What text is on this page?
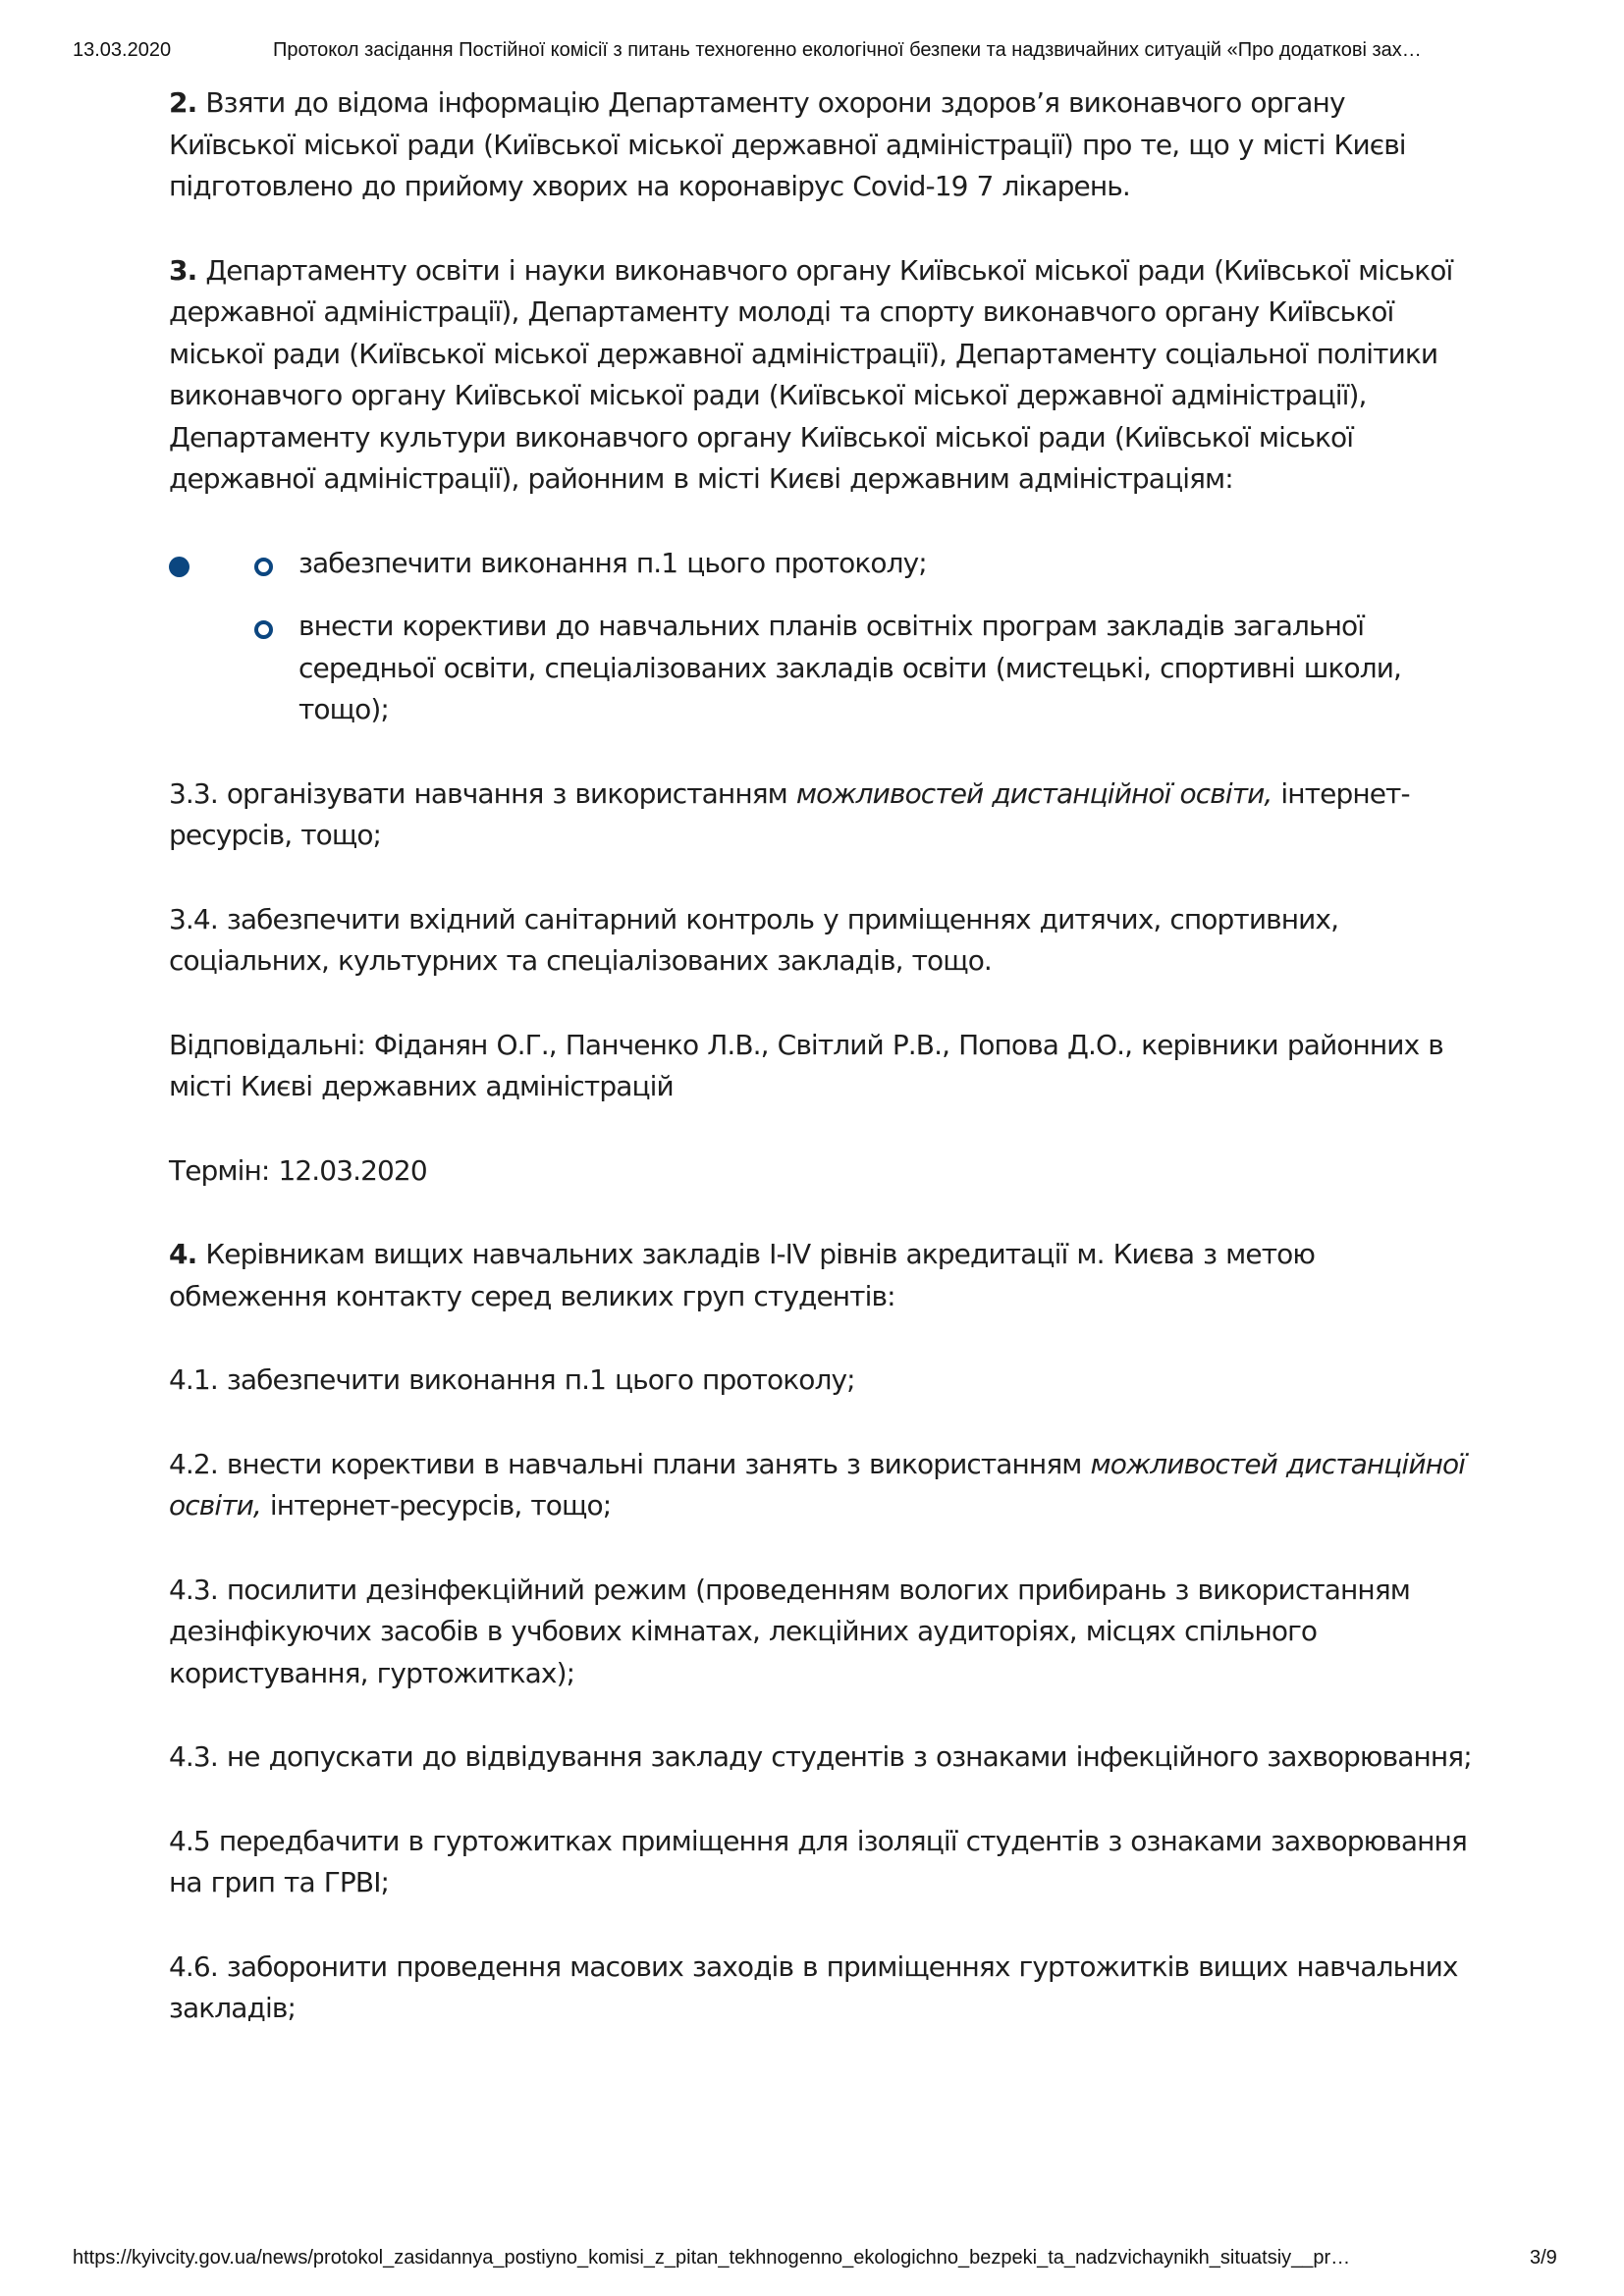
13.03.2020	Протокол засідання Постійної комісії з питань техногенно екологічної безпеки та надзвичайних ситуацій «Про додаткові зах…

2. Взяти до відома інформацію Департаменту охорони здоров’я виконавчого органу Київської міської ради (Київської міської державної адміністрації) про те, що у місті Києві підготовлено до прийому хворих на коронавірус Covid-19 7 лікарень.

3. Департаменту освіти і науки виконавчого органу Київської міської ради (Київської міської державної адміністрації), Департаменту молоді та спорту виконавчого органу Київської міської ради (Київської міської державної адміністрації), Департаменту соціальної політики виконавчого органу Київської міської ради (Київської міської державної адміністрації), Департаменту культури виконавчого органу Київської міської ради (Київської міської державної адміністрації), районним в місті Києві державним адміністраціям:

забезпечити виконання п.1 цього протоколу;
внести корективи до навчальних планів освітніх програм закладів загальної середньої освіти, спеціалізованих закладів освіти (мистецькі, спортивні школи, тощо);

3.3. організувати навчання з використанням можливостей дистанційної освіти, інтернет-ресурсів, тощо;

3.4. забезпечити вхідний санітарний контроль у приміщеннях дитячих, спортивних, соціальних, культурних та спеціалізованих закладів, тощо.

Відповідальні: Фіданян О.Г., Панченко Л.В., Світлий Р.В., Попова Д.О., керівники районних в місті Києві державних адміністрацій

Термін: 12.03.2020

4. Керівникам вищих навчальних закладів I-IV рівнів акредитації м. Києва з метою обмеження контакту серед великих груп студентів:

4.1. забезпечити виконання п.1 цього протоколу;

4.2. внести корективи в навчальні плани занять з використанням можливостей дистанційної освіти, інтернет-ресурсів, тощо;

4.3. посилити дезінфекційний режим (проведенням вологих прибирань з використанням дезінфікуючих засобів в учбових кімнатах, лекційних аудиторіях, місцях спільного користування, гуртожитках);

4.3. не допускати до відвідування закладу студентів з ознаками інфекційного захворювання;

4.5 передбачити в гуртожитках приміщення для ізоляції студентів з ознаками захворювання на грип та ГРВІ;

4.6. заборонити проведення масових заходів в приміщеннях гуртожитків вищих навчальних закладів;

https://kyivcity.gov.ua/news/protokol_zasidannya_postiyno_komisi_z_pitan_tekhnogenno_ekologichno_bezpeki_ta_nadzvichaynikh_situatsiy__pr…	3/9
